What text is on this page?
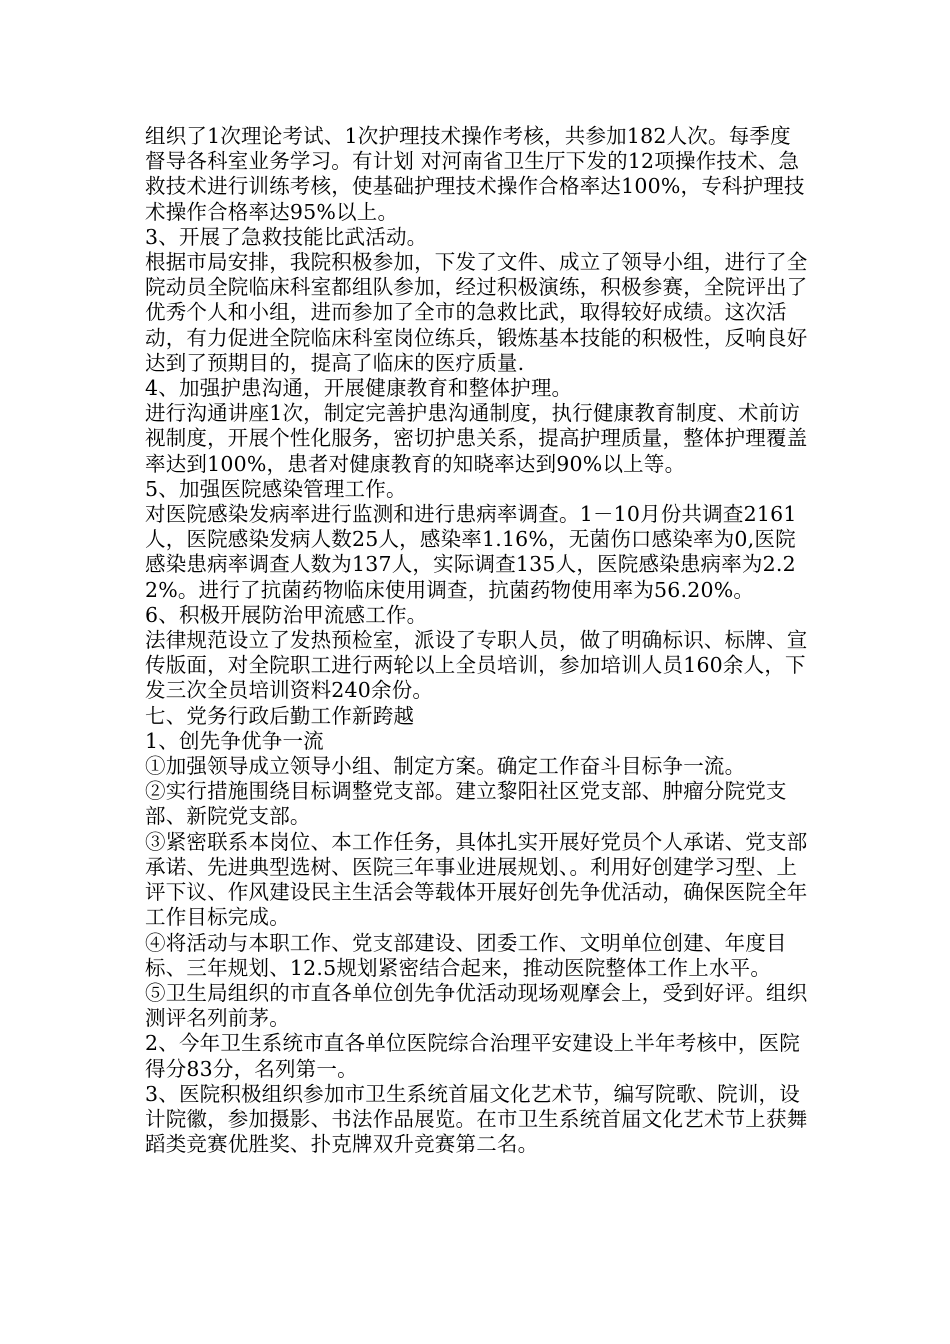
组织了1次理论考试、1次护理技术操作考核，共参加182人次。每季度督导各科室业务学习。有计划 对河南省卫生厅下发的12项操作技术、急救技术进行训练考核，使基础护理技术操作合格率达100%，专科护理技术操作合格率达95%以上。

3、开展了急救技能比武活动。

根据市局安排，我院积极参加，下发了文件、成立了领导小组，进行了全院动员全院临床科室都组队参加，经过积极演练，积极参赛，全院评出了优秀个人和小组，进而参加了全市的急救比武，取得较好成绩。这次活动，有力促进全院临床科室岗位练兵，锻炼基本技能的积极性，反响良好达到了预期目的，提高了临床的医疗质量.

4、加强护患沟通，开展健康教育和整体护理。

进行沟通讲座1次，制定完善护患沟通制度，执行健康教育制度、术前访视制度，开展个性化服务，密切护患关系，提高护理质量，整体护理覆盖率达到100%，患者对健康教育的知晓率达到90%以上等。

5、加强医院感染管理工作。

对医院感染发病率进行监测和进行患病率调查。1－10月份共调查2161人，医院感染发病人数25人，感染率1.16%，无菌伤口感染率为0,医院感染患病率调查人数为137人，实际调查135人，医院感染患病率为2.22%。进行了抗菌药物临床使用调查，抗菌药物使用率为56.20%。

6、积极开展防治甲流感工作。

法律规范设立了发热预检室，派设了专职人员，做了明确标识、标牌、宣传版面，对全院职工进行两轮以上全员培训，参加培训人员160余人，下发三次全员培训资料240余份。

七、党务行政后勤工作新跨越

1、创先争优争一流

①加强领导成立领导小组、制定方案。确定工作奋斗目标争一流。

②实行措施围绕目标调整党支部。建立黎阳社区党支部、肿瘤分院党支部、新院党支部。

③紧密联系本岗位、本工作任务，具体扎实开展好党员个人承诺、党支部承诺、先进典型选树、医院三年事业进展规划、。利用好创建学习型、上评下议、作风建设民主生活会等载体开展好创先争优活动，确保医院全年工作目标完成。

④将活动与本职工作、党支部建设、团委工作、文明单位创建、年度目标、三年规划、12.5规划紧密结合起来，推动医院整体工作上水平。

⑤卫生局组织的市直各单位创先争优活动现场观摩会上，受到好评。组织测评名列前茅。

2、今年卫生系统市直各单位医院综合治理平安建设上半年考核中，医院得分83分，名列第一。

3、医院积极组织参加市卫生系统首届文化艺术节，编写院歌、院训，设计院徽，参加摄影、书法作品展览。在市卫生系统首届文化艺术节上获舞蹈类竞赛优胜奖、扑克牌双升竞赛第二名。
